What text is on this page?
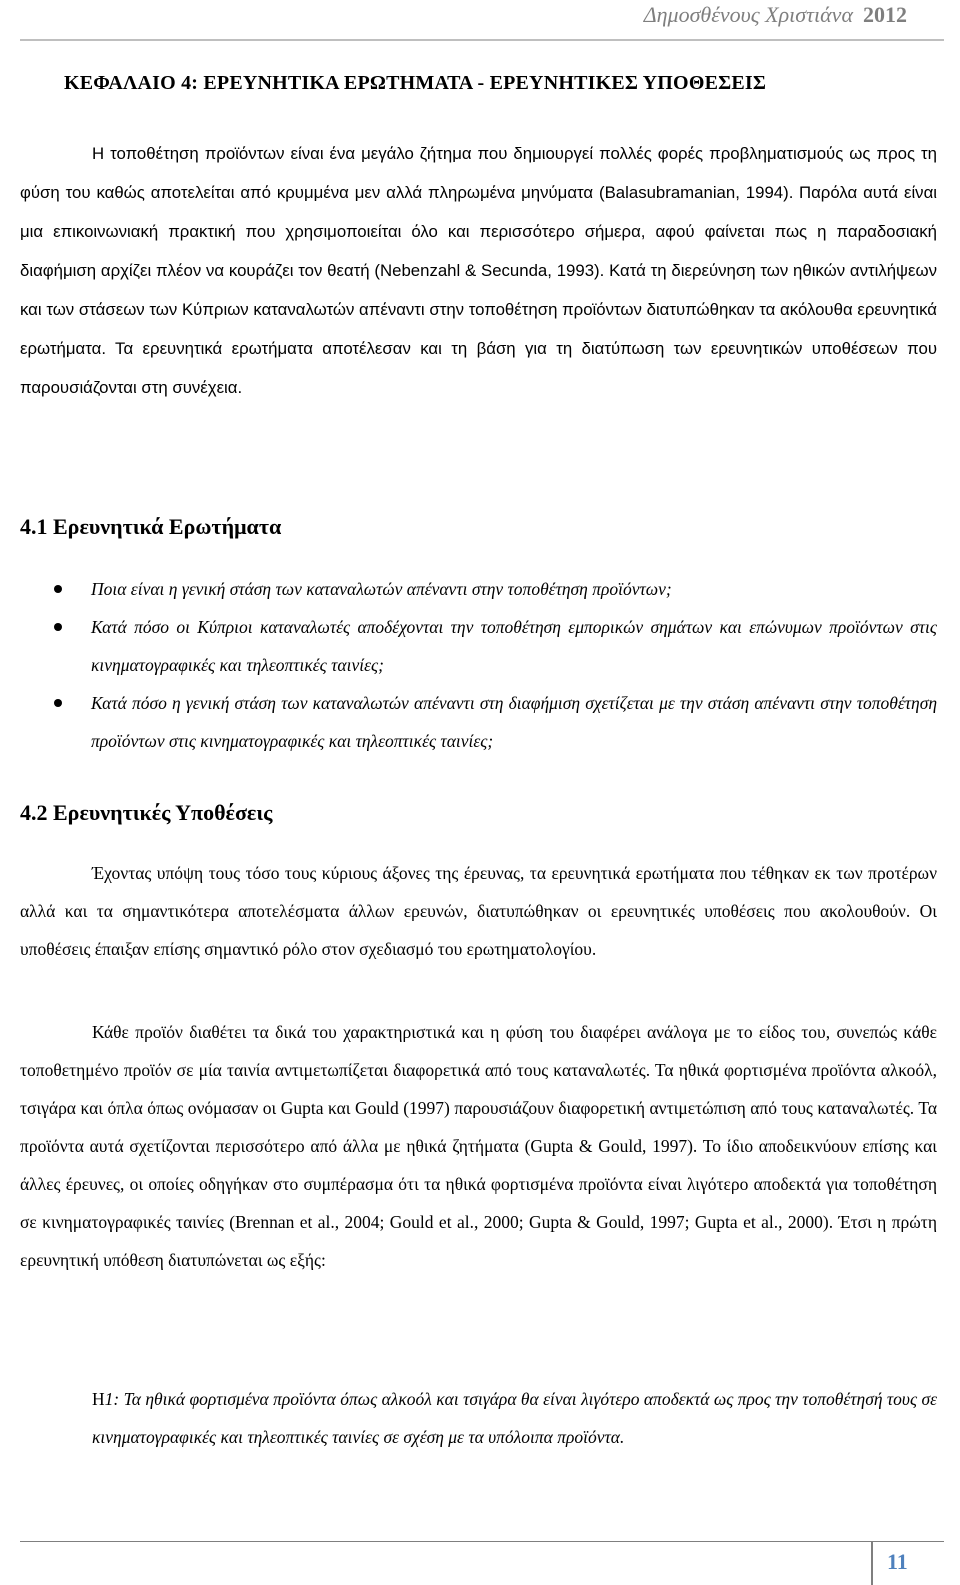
Δημοσθένους Χριστιάνα 2012
ΚΕΦΑΛΑΙΟ 4: ΕΡΕΥΝΗΤΙΚΑ ΕΡΩΤΗΜΑΤΑ - ΕΡΕΥΝΗΤΙΚΕΣ ΥΠΟΘΕΣΕΙΣ
Η τοποθέτηση προϊόντων είναι ένα μεγάλο ζήτημα που δημιουργεί πολλές φορές προβληματισμούς ως προς τη φύση του καθώς αποτελείται από κρυμμένα μεν αλλά πληρωμένα μηνύματα (Balasubramanian, 1994). Παρόλα αυτά είναι μια επικοινωνιακή πρακτική που χρησιμοποιείται όλο και περισσότερο σήμερα, αφού φαίνεται πως η παραδοσιακή διαφήμιση αρχίζει πλέον να κουράζει τον θεατή (Nebenzahl & Secunda, 1993). Κατά τη διερεύνηση των ηθικών αντιλήψεων και των στάσεων των Κύπριων καταναλωτών απέναντι στην τοποθέτηση προϊόντων διατυπώθηκαν τα ακόλουθα ερευνητικά ερωτήματα. Τα ερευνητικά ερωτήματα αποτέλεσαν και τη βάση για τη διατύπωση των ερευνητικών υποθέσεων που παρουσιάζονται στη συνέχεια.
4.1 Ερευνητικά Ερωτήματα
Ποια είναι η γενική στάση των καταναλωτών απέναντι στην τοποθέτηση προϊόντων;
Κατά πόσο οι Κύπριοι καταναλωτές αποδέχονται την τοποθέτηση εμπορικών σημάτων και επώνυμων προϊόντων στις κινηματογραφικές και τηλεοπτικές ταινίες;
Κατά πόσο η γενική στάση των καταναλωτών απέναντι στη διαφήμιση σχετίζεται με την στάση απέναντι στην τοποθέτηση προϊόντων στις κινηματογραφικές και τηλεοπτικές ταινίες;
4.2 Ερευνητικές Υποθέσεις
Έχοντας υπόψη τους τόσο τους κύριους άξονες της έρευνας, τα ερευνητικά ερωτήματα που τέθηκαν εκ των προτέρων αλλά και τα σημαντικότερα αποτελέσματα άλλων ερευνών, διατυπώθηκαν οι ερευνητικές υποθέσεις που ακολουθούν. Οι υποθέσεις έπαιξαν επίσης σημαντικό ρόλο στον σχεδιασμό του ερωτηματολογίου.
Κάθε προϊόν διαθέτει τα δικά του χαρακτηριστικά και η φύση του διαφέρει ανάλογα με το είδος του, συνεπώς κάθε τοποθετημένο προϊόν σε μία ταινία αντιμετωπίζεται διαφορετικά από τους καταναλωτές. Τα ηθικά φορτισμένα προϊόντα αλκοόλ, τσιγάρα και όπλα όπως ονόμασαν οι Gupta και Gould (1997) παρουσιάζουν διαφορετική αντιμετώπιση από τους καταναλωτές. Τα προϊόντα αυτά σχετίζονται περισσότερο από άλλα με ηθικά ζητήματα (Gupta & Gould, 1997). Το ίδιο αποδεικνύουν επίσης και άλλες έρευνες, οι οποίες οδηγήκαν στο συμπέρασμα ότι τα ηθικά φορτισμένα προϊόντα είναι λιγότερο αποδεκτά για τοποθέτηση σε κινηματογραφικές ταινίες (Brennan et al., 2004; Gould et al., 2000; Gupta & Gould, 1997; Gupta et al., 2000). Έτσι η πρώτη ερευνητική υπόθεση διατυπώνεται ως εξής:
Η1: Τα ηθικά φορτισμένα προϊόντα όπως αλκοόλ και τσιγάρα θα είναι λιγότερο αποδεκτά ως προς την τοποθέτησή τους σε κινηματογραφικές και τηλεοπτικές ταινίες σε σχέση με τα υπόλοιπα προϊόντα.
11
